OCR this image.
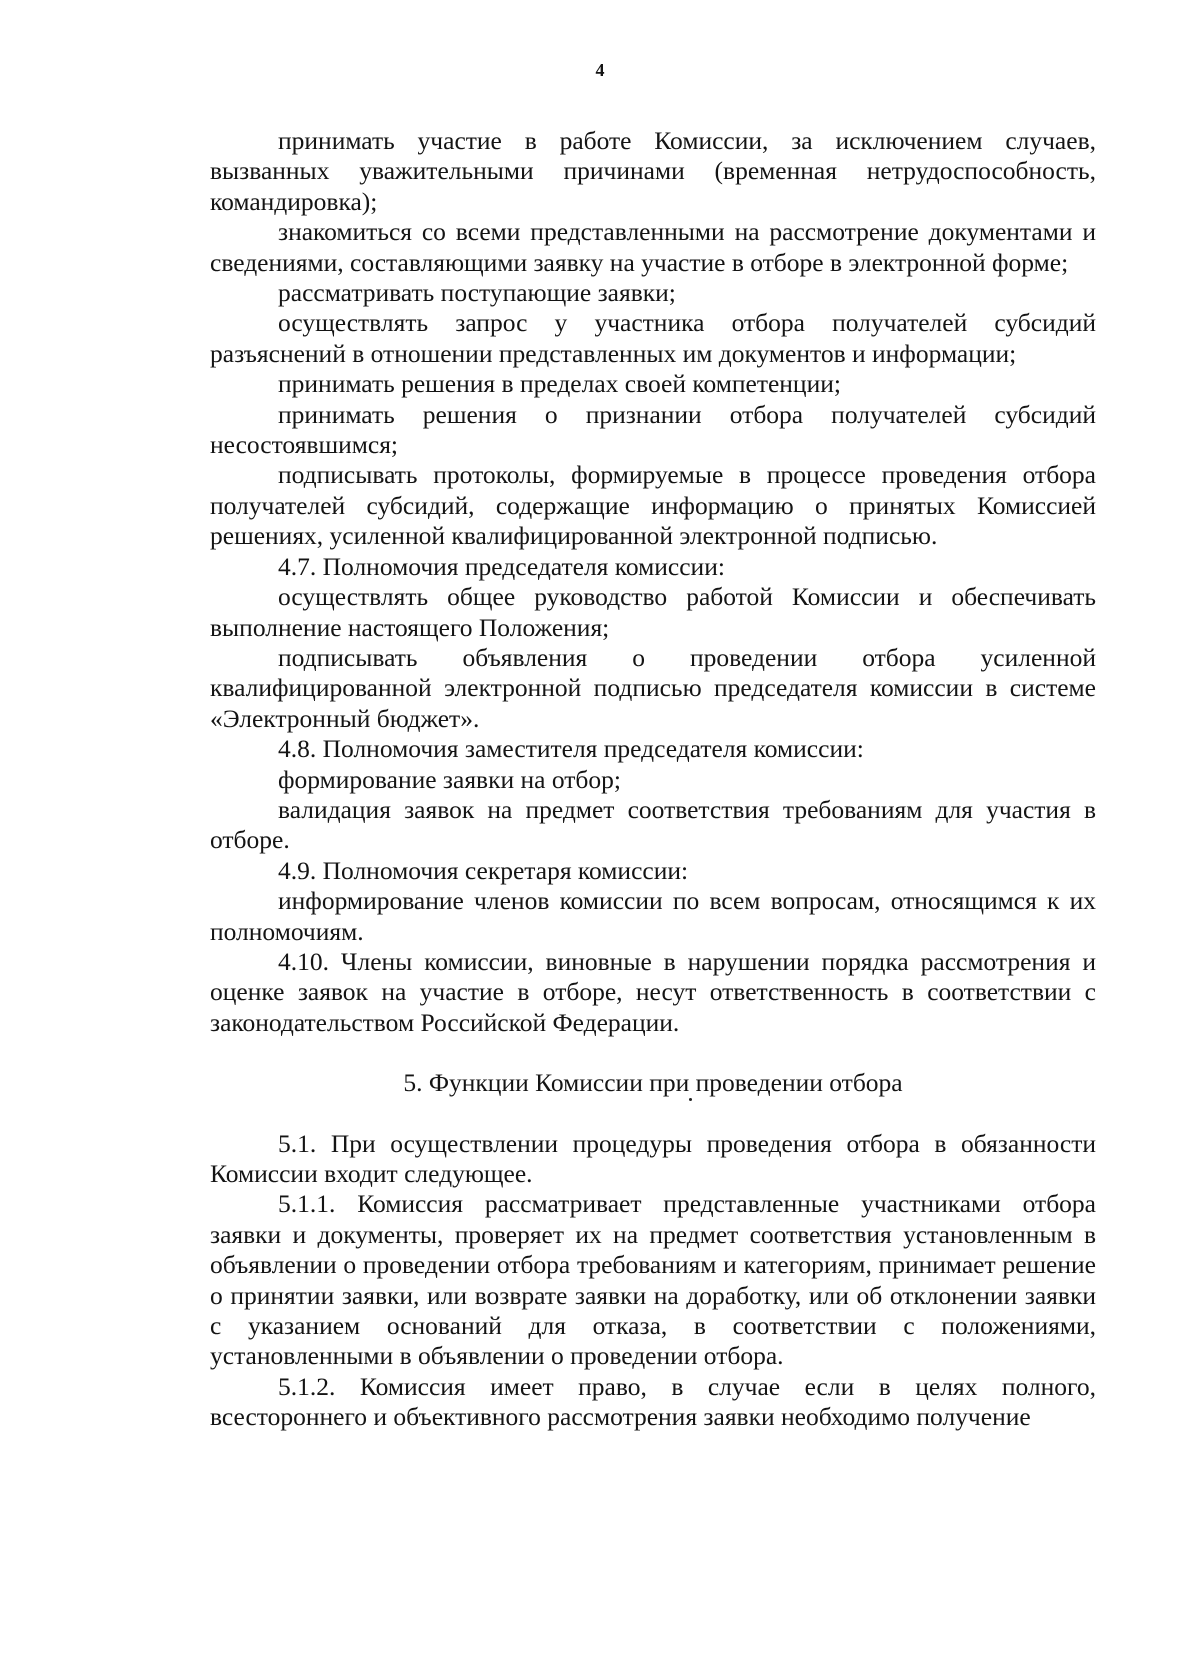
4

принимать участие в работе Комиссии, за исключением случаев, вызванных уважительными причинами (временная нетрудоспособность, командировка);

знакомиться со всеми представленными на рассмотрение документами и сведениями, составляющими заявку на участие в отборе в электронной форме;

рассматривать поступающие заявки;

осуществлять запрос у участника отбора получателей субсидий разъяснений в отношении представленных им документов и информации;

принимать решения в пределах своей компетенции;

принимать решения о признании отбора получателей субсидий несостоявшимся;

подписывать протоколы, формируемые в процессе проведения отбора получателей субсидий, содержащие информацию о принятых Комиссией решениях, усиленной квалифицированной электронной подписью.

4.7. Полномочия председателя комиссии:

осуществлять общее руководство работой Комиссии и обеспечивать выполнение настоящего Положения;

подписывать объявления о проведении отбора усиленной квалифицированной электронной подписью председателя комиссии в системе «Электронный бюджет».

4.8. Полномочия заместителя председателя комиссии:

формирование заявки на отбор;

валидация заявок на предмет соответствия требованиям для участия в отборе.

4.9. Полномочия секретаря комиссии:

информирование членов комиссии по всем вопросам, относящимся к их полномочиям.

4.10. Члены комиссии, виновные в нарушении порядка рассмотрения и оценке заявок на участие в отборе, несут ответственность в соответствии с законодательством Российской Федерации.

5. Функции Комиссии при проведении отбора

5.1. При осуществлении процедуры проведения отбора в обязанности Комиссии входит следующее.

5.1.1. Комиссия рассматривает представленные участниками отбора заявки и документы, проверяет их на предмет соответствия установленным в объявлении о проведении отбора требованиям и категориям, принимает решение о принятии заявки, или возврате заявки на доработку, или об отклонении заявки с указанием оснований для отказа, в соответствии с положениями, установленными в объявлении о проведении отбора.

5.1.2. Комиссия имеет право, в случае если в целях полного, всестороннего и объективного рассмотрения заявки необходимо получение
